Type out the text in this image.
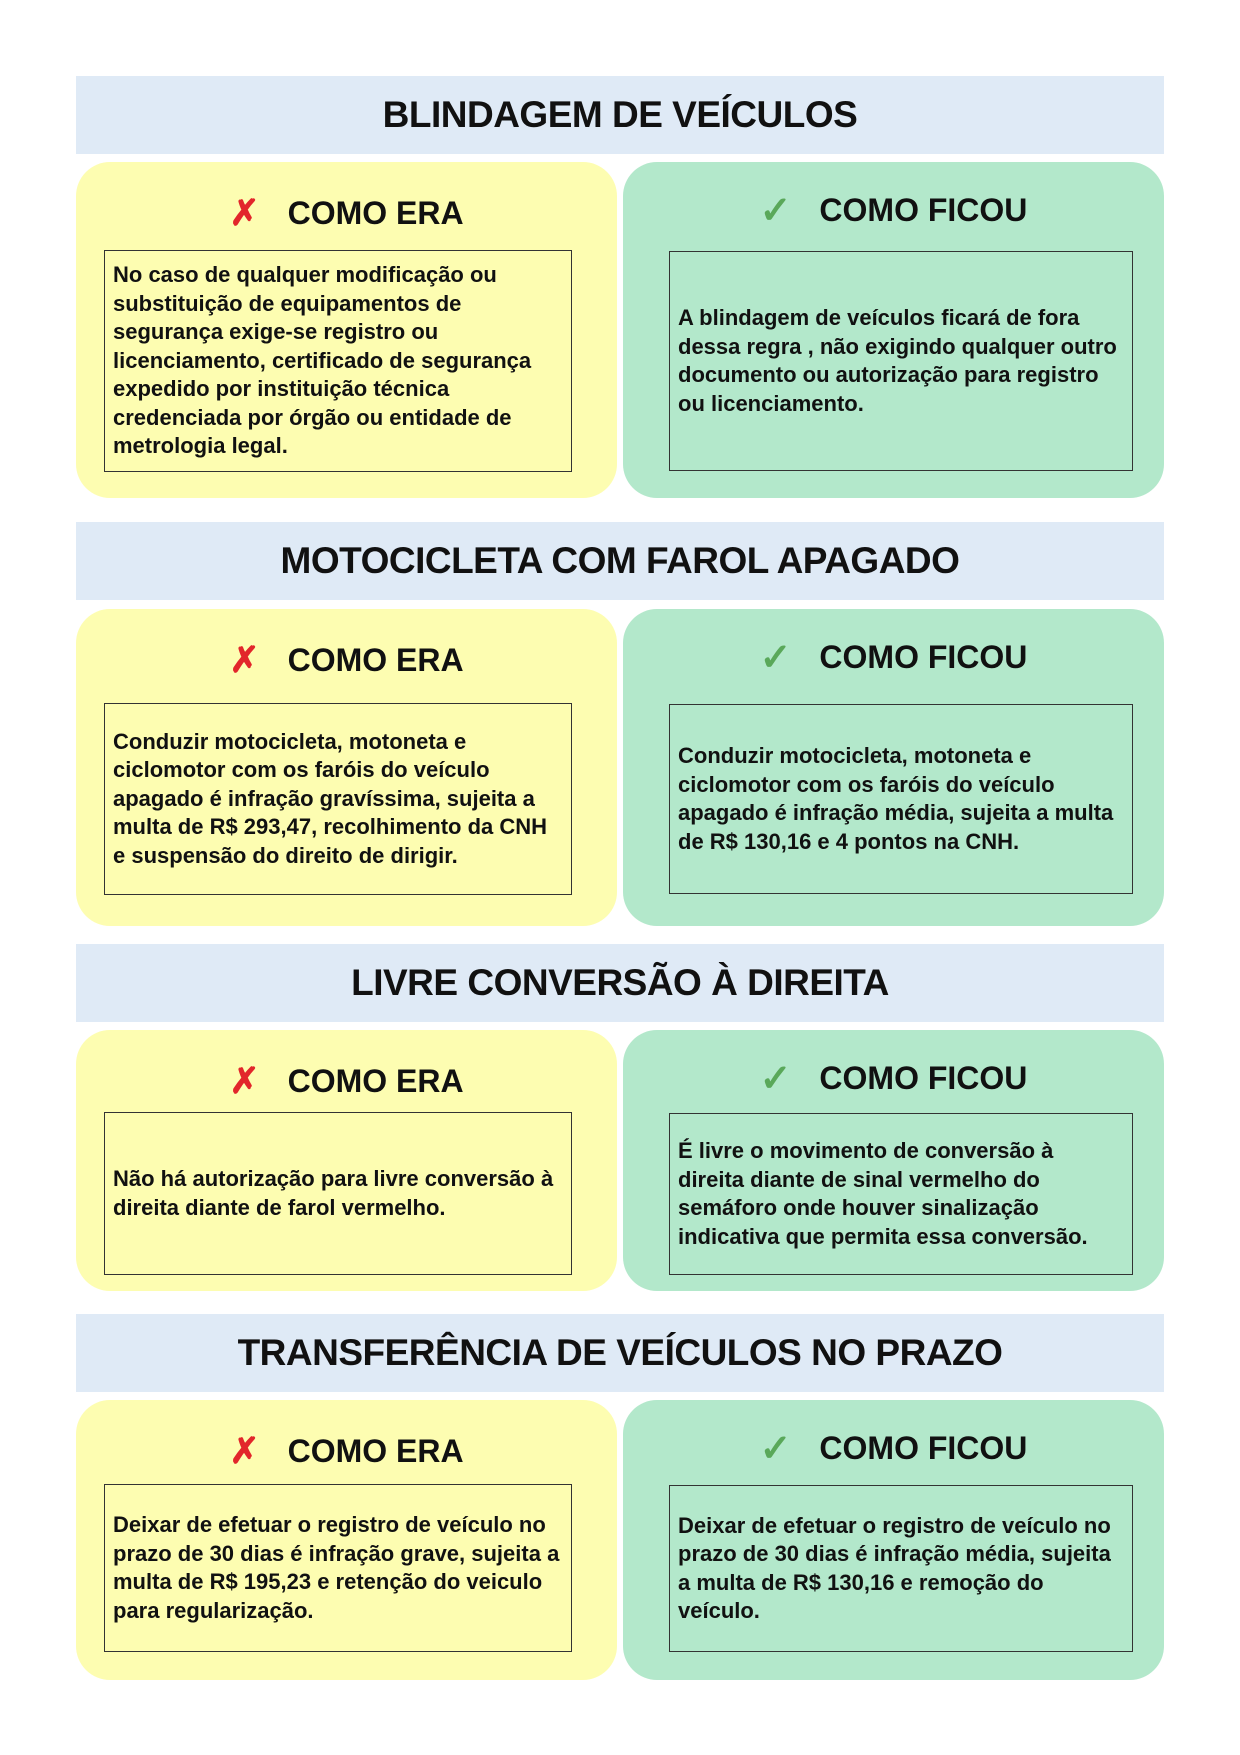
BLINDAGEM DE VEÍCULOS
✗ COMO ERA
No caso de qualquer modificação ou substituição de equipamentos de segurança exige-se registro ou licenciamento, certificado de segurança expedido por instituição técnica credenciada por órgão ou entidade de metrologia legal.
✓ COMO FICOU
A blindagem de veículos ficará de fora dessa regra , não exigindo qualquer outro documento ou autorização para registro ou licenciamento.
MOTOCICLETA COM FAROL APAGADO
✗ COMO ERA
Conduzir motocicleta, motoneta e ciclomotor com os faróis do veículo apagado é infração gravíssima, sujeita a multa de R$ 293,47, recolhimento da CNH e suspensão do direito de dirigir.
✓ COMO FICOU
Conduzir motocicleta, motoneta e ciclomotor com os faróis do veículo apagado é infração média, sujeita a multa de R$ 130,16 e 4 pontos na CNH.
LIVRE CONVERSÃO À DIREITA
✗ COMO ERA
Não há autorização para livre conversão à direita diante de farol vermelho.
✓ COMO FICOU
É livre o movimento de conversão à direita diante de sinal vermelho do semáforo onde houver sinalização indicativa que permita essa conversão.
TRANSFERÊNCIA DE VEÍCULOS NO PRAZO
✗ COMO ERA
Deixar de efetuar o registro de veículo no prazo de 30 dias é infração grave, sujeita a multa de R$ 195,23 e retenção do veiculo para regularização.
✓ COMO FICOU
Deixar de efetuar o registro de veículo no prazo de 30 dias é infração média, sujeita a multa de R$ 130,16 e remoção do veículo.
